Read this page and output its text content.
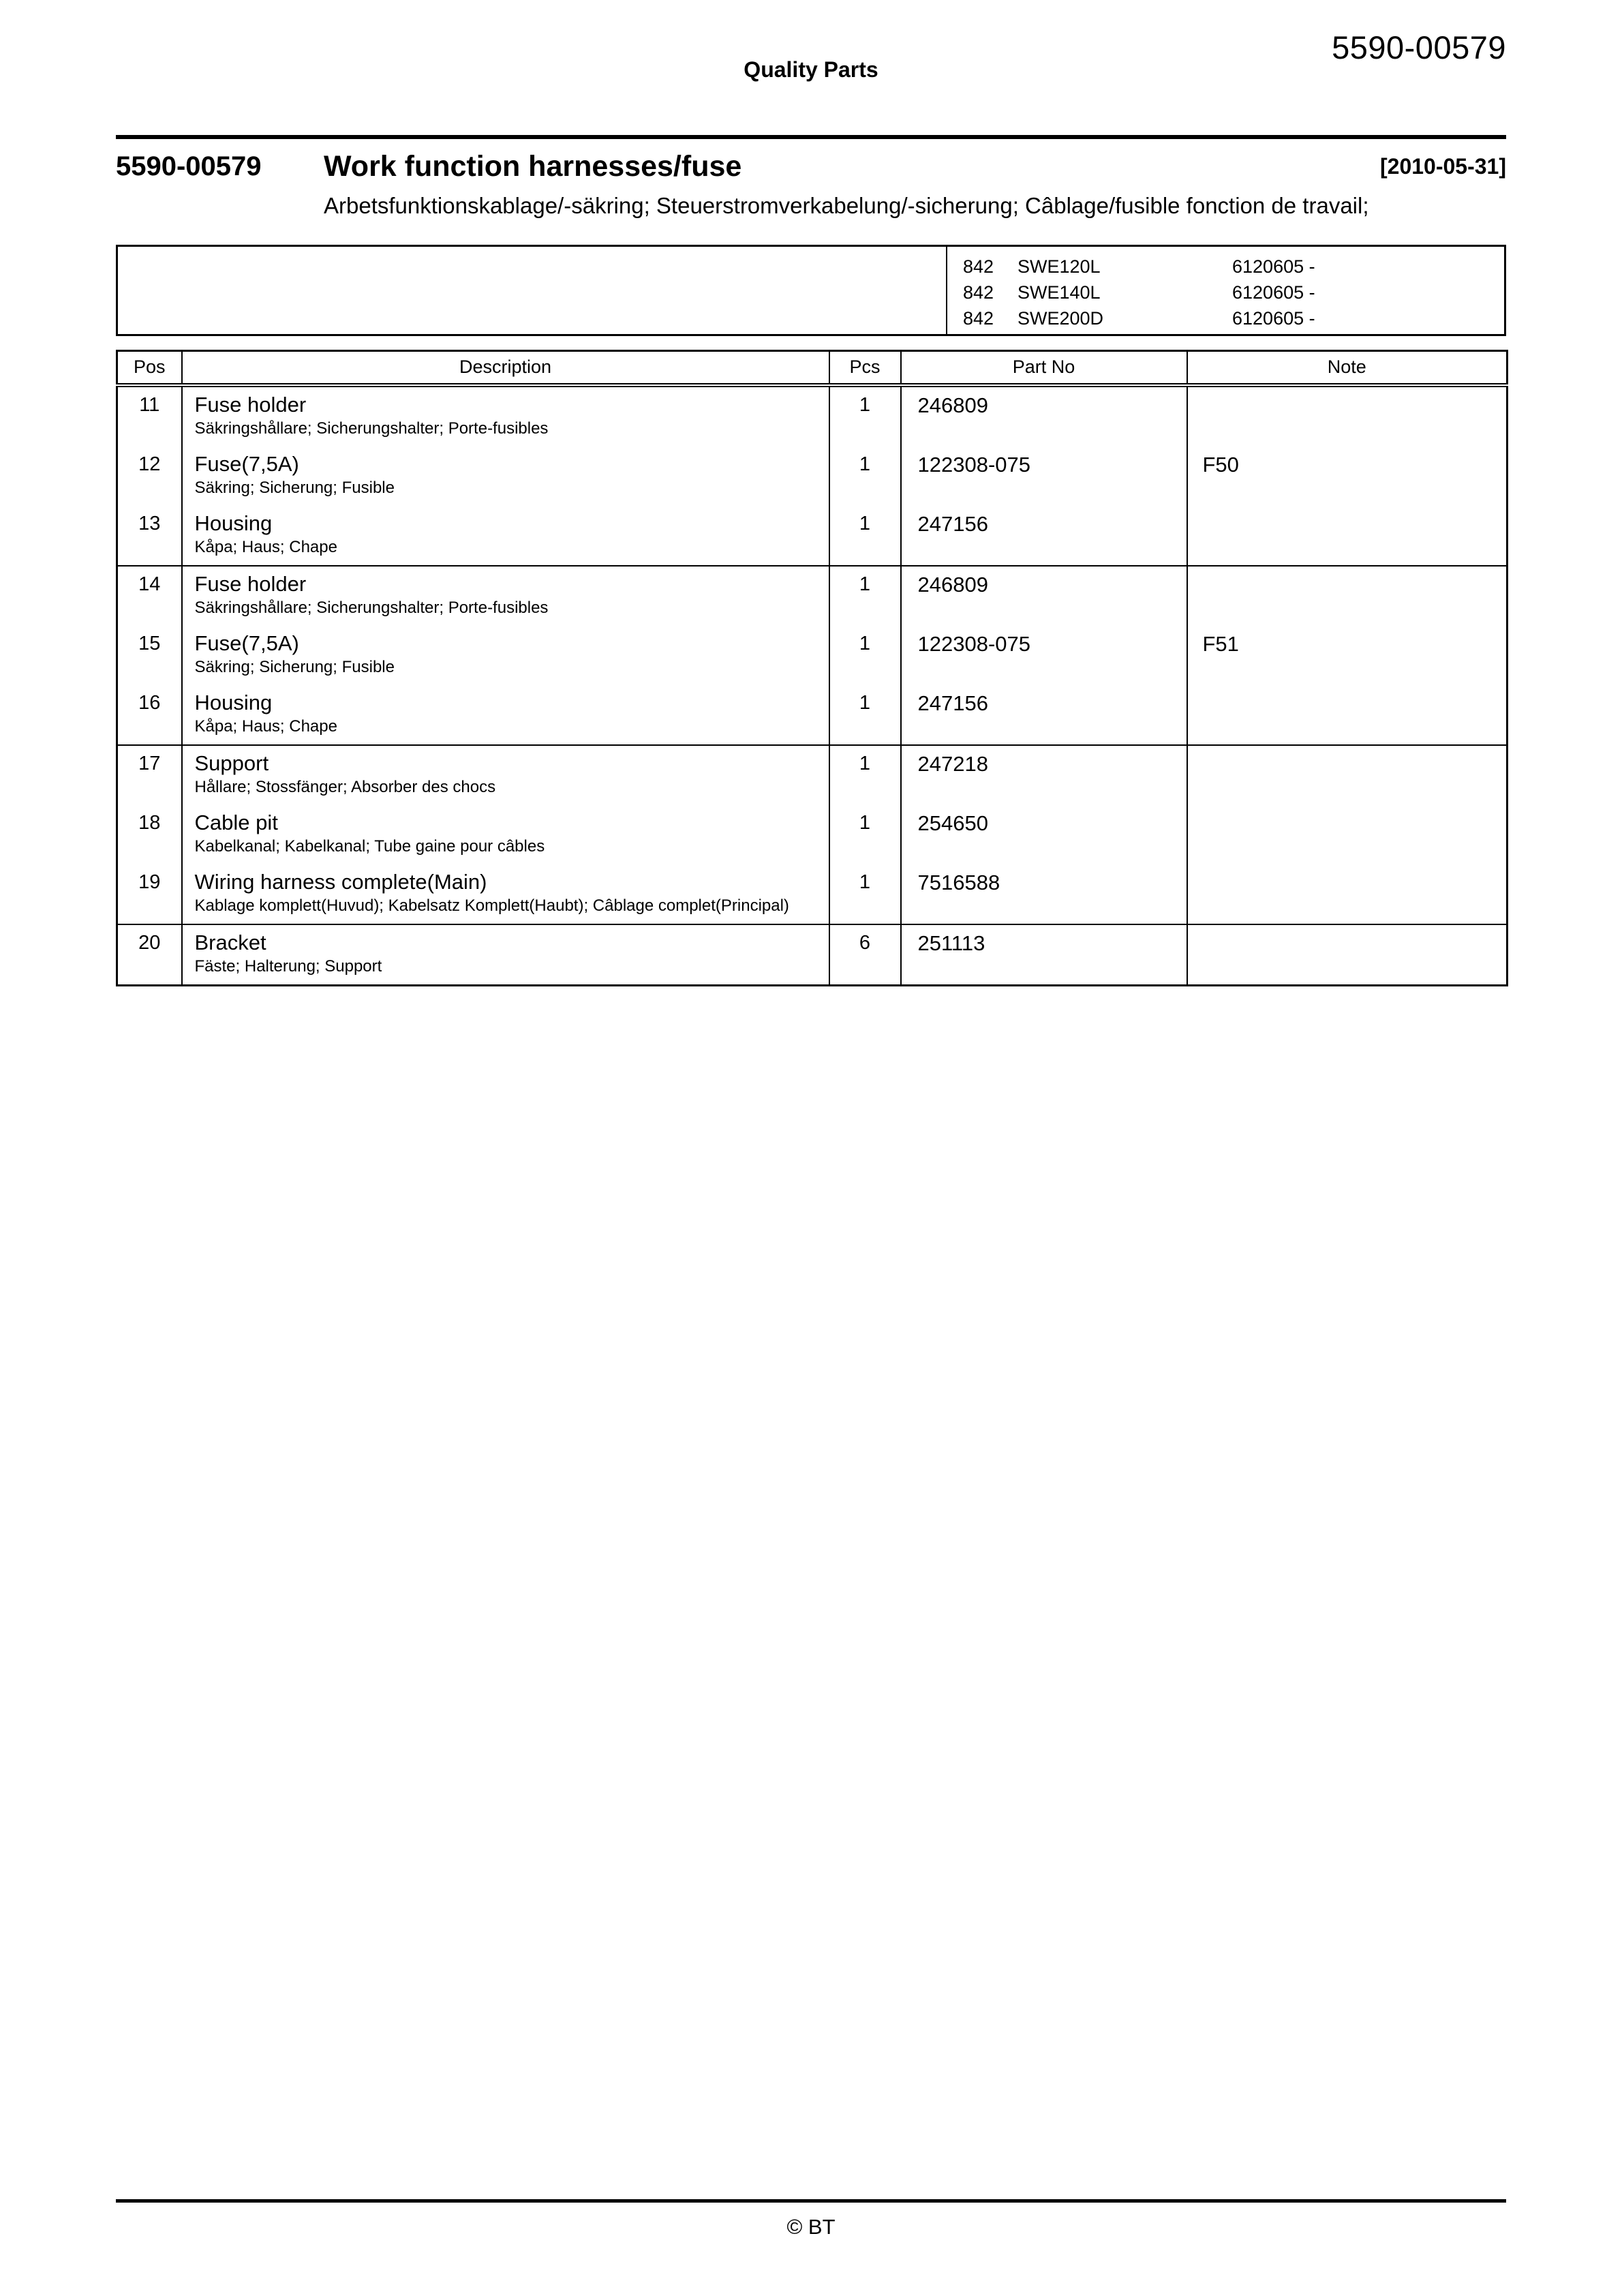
Quality Parts
5590-00579
5590-00579	Work function harnesses/fuse	[2010-05-31]
Arbetsfunktionskablage/-säkring; Steuerstromverkabelung/-sicherung; Câblage/fusible fonction de travail;
842	SWE120L	6120605 -
842	SWE140L	6120605 -
842	SWE200D	6120605 -
Pos	Description	Pcs	Part No	Note
11	Fuse holder
Säkringshållare; Sicherungshalter; Porte-fusibles	1	246809	
12	Fuse(7,5A)
Säkring; Sicherung; Fusible	1	122308-075	F50
13	Housing
Kåpa; Haus; Chape	1	247156	
14	Fuse holder
Säkringshållare; Sicherungshalter; Porte-fusibles	1	246809	
15	Fuse(7,5A)
Säkring; Sicherung; Fusible	1	122308-075	F51
16	Housing
Kåpa; Haus; Chape	1	247156	
17	Support
Hållare; Stossfänger; Absorber des chocs	1	247218	
18	Cable pit
Kabelkanal; Kabelkanal; Tube gaine pour câbles	1	254650	
19	Wiring harness complete(Main)
Kablage komplett(Huvud); Kabelsatz Komplett(Haubt); Câblage complet(Principal)	1	7516588	
20	Bracket
Fäste; Halterung; Support	6	251113	
© BT
